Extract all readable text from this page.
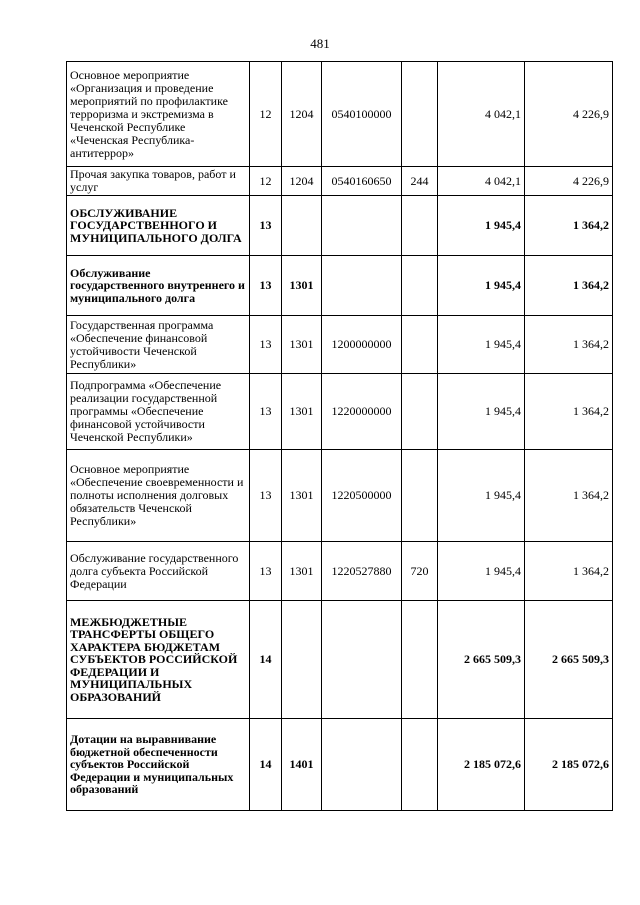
481
Основное мероприятие «Организация и проведение мероприятий по профилактике терроризма и экстремизма в Чеченской Республике «Чеченская Республика-антитеррор»	12	1204	0540100000		4 042,1	4 226,9
Прочая закупка товаров, работ и услуг	12	1204	0540160650	244	4 042,1	4 226,9
ОБСЛУЖИВАНИЕ ГОСУДАРСТВЕННОГО И МУНИЦИПАЛЬНОГО ДОЛГА	13				1 945,4	1 364,2
Обслуживание государственного внутреннего и муниципального долга	13	1301			1 945,4	1 364,2
Государственная программа «Обеспечение финансовой устойчивости Чеченской Республики»	13	1301	1200000000		1 945,4	1 364,2
Подпрограмма «Обеспечение реализации государственной программы «Обеспечение финансовой устойчивости Чеченской Республики»	13	1301	1220000000		1 945,4	1 364,2
Основное мероприятие «Обеспечение своевременности и полноты исполнения долговых обязательств Чеченской Республики»	13	1301	1220500000		1 945,4	1 364,2
Обслуживание государственного долга субъекта Российской Федерации	13	1301	1220527880	720	1 945,4	1 364,2
МЕЖБЮДЖЕТНЫЕ ТРАНСФЕРТЫ ОБЩЕГО ХАРАКТЕРА БЮДЖЕТАМ СУБЪЕКТОВ РОССИЙСКОЙ ФЕДЕРАЦИИ И МУНИЦИПАЛЬНЫХ ОБРАЗОВАНИЙ	14				2 665 509,3	2 665 509,3
Дотации на выравнивание бюджетной обеспеченности субъектов Российской Федерации и муниципальных образований	14	1401			2 185 072,6	2 185 072,6
